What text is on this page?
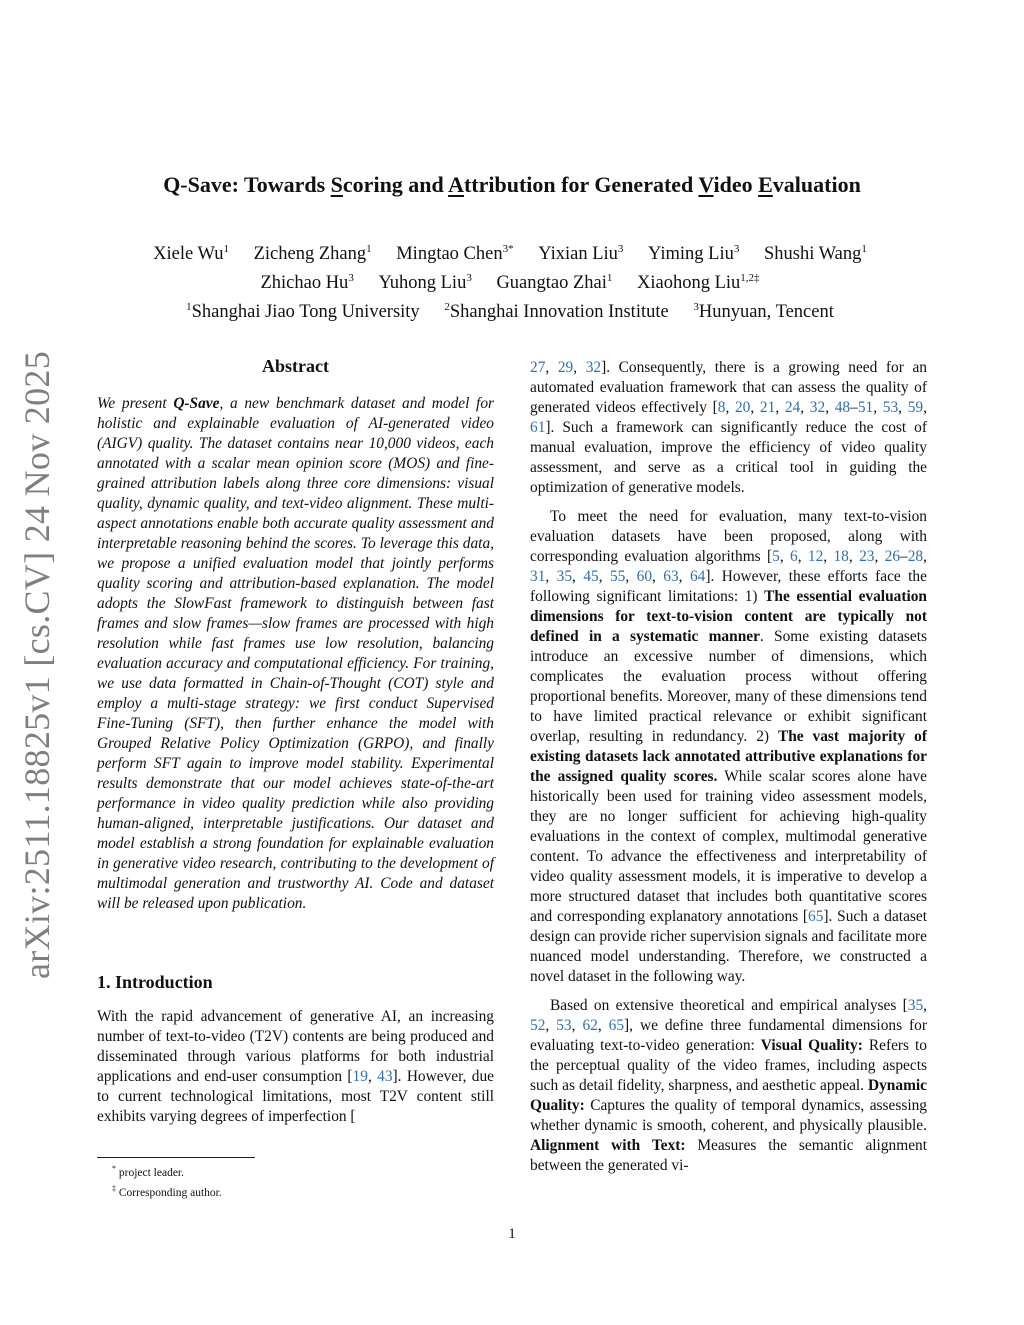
arXiv:2511.18825v1 [cs.CV] 24 Nov 2025
Q-Save: Towards Scoring and Attribution for Generated Video Evaluation
Xiele Wu$^1$ Zicheng Zhang$^1$ Mingtao Chen$^{3*}$ Yixian Liu$^3$ Yiming Liu$^3$ Shushi Wang$^1$
Zhichao Hu$^3$ Yuhong Liu$^3$ Guangtao Zhai$^1$ Xiaohong Liu$^{1,2\ddagger}$
$^1$Shanghai Jiao Tong University $^2$Shanghai Innovation Institute $^3$Hunyuan, Tencent
Abstract

We present Q-Save, a new benchmark dataset and model for holistic and explainable evaluation of AI-generated video (AIGV) quality. The dataset contains near 10,000 videos, each annotated with a scalar mean opinion score (MOS) and fine-grained attribution labels along three core dimensions: visual quality, dynamic quality, and text-video alignment. These multi-aspect annotations enable both accurate quality assessment and interpretable reasoning behind the scores. To leverage this data, we propose a unified evaluation model that jointly performs quality scoring and attribution-based explanation. The model adopts the SlowFast framework to distinguish between fast frames and slow frames—slow frames are processed with high resolution while fast frames use low resolution, balancing evaluation accuracy and computational efficiency. For training, we use data formatted in Chain-of-Thought (COT) style and employ a multi-stage strategy: we first conduct Supervised Fine-Tuning (SFT), then further enhance the model with Grouped Relative Policy Optimization (GRPO), and finally perform SFT again to improve model stability. Experimental results demonstrate that our model achieves state-of-the-art performance in video quality prediction while also providing human-aligned, interpretable justifications. Our dataset and model establish a strong foundation for explainable evaluation in generative video research, contributing to the development of multimodal generation and trustworthy AI. Code and dataset will be released upon publication.

1. Introduction

With the rapid advancement of generative AI, an increasing number of text-to-video (T2V) contents are being produced and disseminated through various platforms for both industrial applications and end-user consumption [19, 43]. However, due to current technological limitations, most T2V content still exhibits varying degrees of imperfection [

27, 29, 32]. Consequently, there is a growing need for an automated evaluation framework that can assess the quality of generated videos effectively [8, 20, 21, 24, 32, 48–51, 53, 59, 61]. Such a framework can significantly reduce the cost of manual evaluation, improve the efficiency of video quality assessment, and serve as a critical tool in guiding the optimization of generative models.

To meet the need for evaluation, many text-to-vision evaluation datasets have been proposed, along with corresponding evaluation algorithms [5, 6, 12, 18, 23, 26–28, 31, 35, 45, 55, 60, 63, 64]. However, these efforts face the following significant limitations: 1) The essential evaluation dimensions for text-to-vision content are typically not defined in a systematic manner. Some existing datasets introduce an excessive number of dimensions, which complicates the evaluation process without offering proportional benefits. Moreover, many of these dimensions tend to have limited practical relevance or exhibit significant overlap, resulting in redundancy. 2) The vast majority of existing datasets lack annotated attributive explanations for the assigned quality scores. While scalar scores alone have historically been used for training video assessment models, they are no longer sufficient for achieving high-quality evaluations in the context of complex, multimodal generative content. To advance the effectiveness and interpretability of video quality assessment models, it is imperative to develop a more structured dataset that includes both quantitative scores and corresponding explanatory annotations [65]. Such a dataset design can provide richer supervision signals and facilitate more nuanced model understanding. Therefore, we constructed a novel dataset in the following way.

Based on extensive theoretical and empirical analyses [35, 52, 53, 62, 65], we define three fundamental dimensions for evaluating text-to-video generation: Visual Quality: Refers to the perceptual quality of the video frames, including aspects such as detail fidelity, sharpness, and aesthetic appeal. Dynamic Quality: Captures the quality of temporal dynamics, assessing whether dynamic is smooth, coherent, and physically plausible. Alignment with Text: Measures the semantic alignment between the generated vi-

* project leader.
‡ Corresponding author.
1
